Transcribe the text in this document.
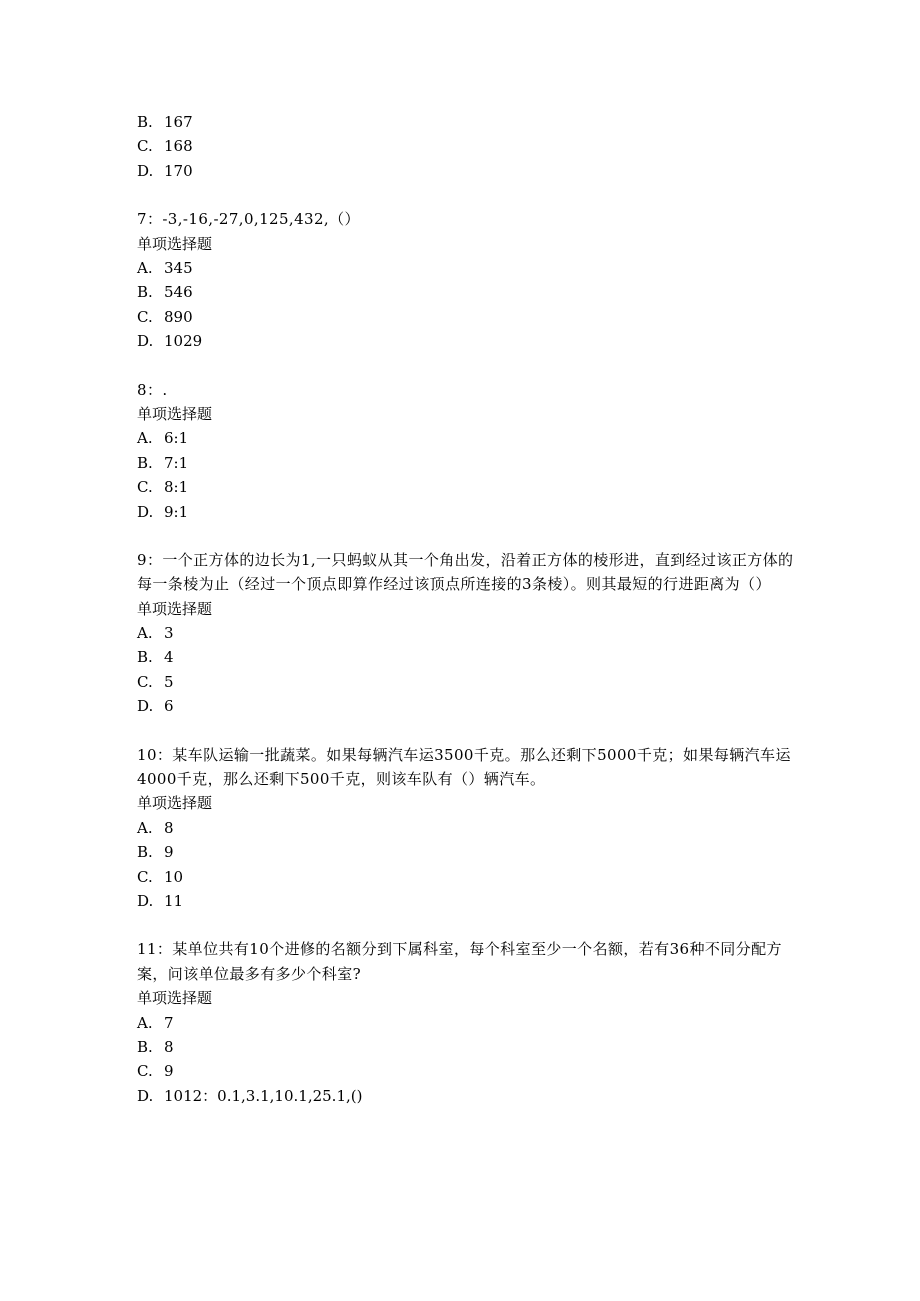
B. 167
C. 168
D. 170
7：-3,-16,-27,0,125,432,（）
单项选择题
A. 345
B. 546
C. 890
D. 1029
8：.
单项选择题
A. 6:1
B. 7:1
C. 8:1
D. 9:1
9：一个正方体的边长为1,一只蚂蚁从其一个角出发，沿着正方体的棱形进，直到经过该正方体的每一条棱为止（经过一个顶点即算作经过该顶点所连接的3条棱）。则其最短的行进距离为（）
单项选择题
A. 3
B. 4
C. 5
D. 6
10：某车队运输一批蔬菜。如果每辆汽车运3500千克。那么还剩下5000千克；如果每辆汽车运4000千克，那么还剩下500千克，则该车队有（）辆汽车。
单项选择题
A. 8
B. 9
C. 10
D. 11
11：某单位共有10个进修的名额分到下属科室，每个科室至少一个名额，若有36种不同分配方案，问该单位最多有多少个科室?
单项选择题
A. 7
B. 8
C. 9
D. 1012：0.1,3.1,10.1,25.1,()
